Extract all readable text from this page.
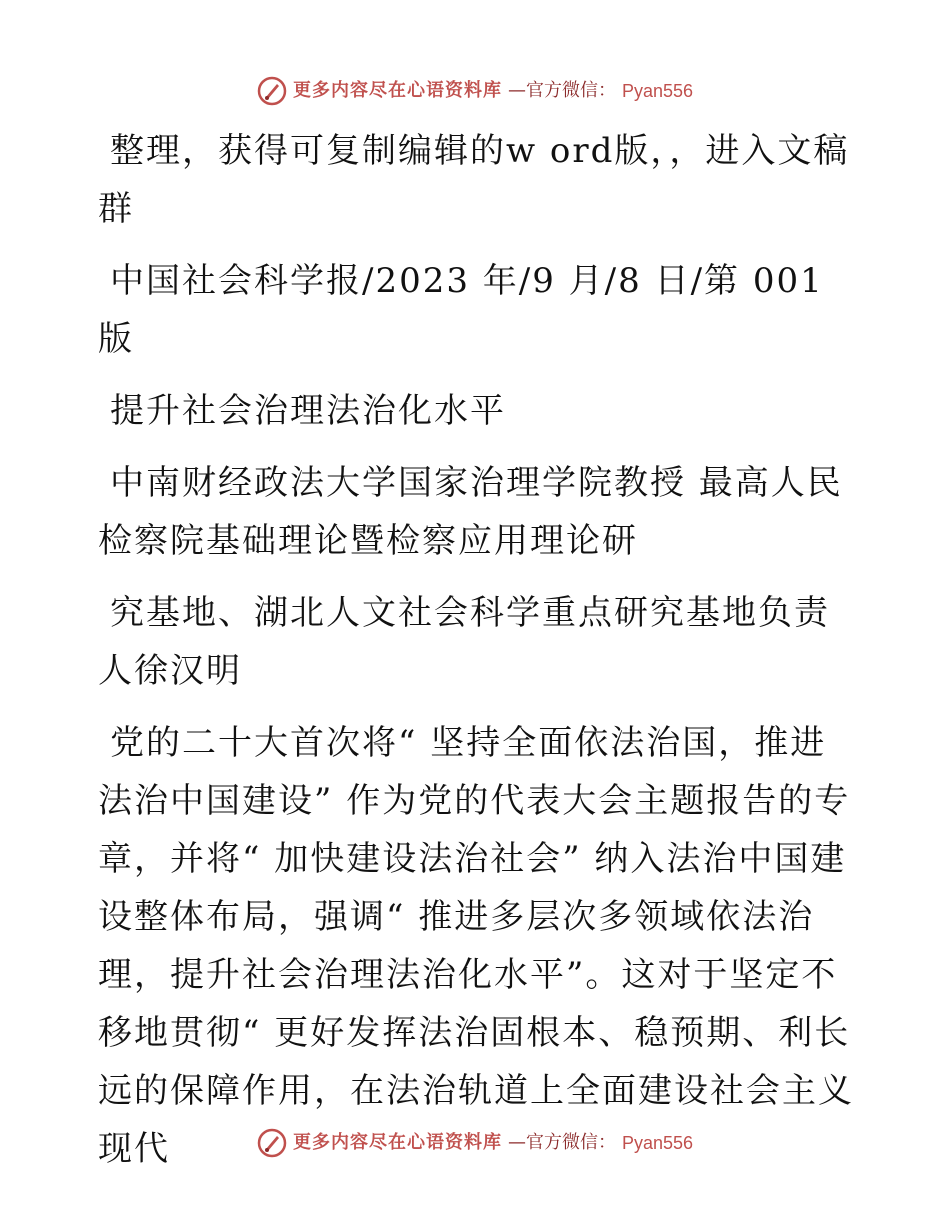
更多内容尽在心语资料库 —官方微信： Pyan556

整理，获得可复制编辑的w ord版，，进入文稿群

中国社会科学报/2023 年/9 月/8 日/第 001 版

提升社会治理法治化水平

中南财经政法大学国家治理学院教授 最高人民检察院基础理论暨检察应用理论研

究基地、湖北人文社会科学重点研究基地负责人徐汉明

党的二十大首次将“ 坚持全面依法治国，推进法治中国建设” 作为党的代表大会主题报告的专章，并将“ 加快建设法治社会” 纳入法治中国建设整体布局，强调“ 推进多层次多领域依法治理，提升社会治理法治化水平”。这对于坚定不移地贯彻“ 更好发挥法治固根本、稳预期、利长远的保障作用，在法治轨道上全面建设社会主义现代	更多内容尽在心语资料库 —官方微信： Pyan556
